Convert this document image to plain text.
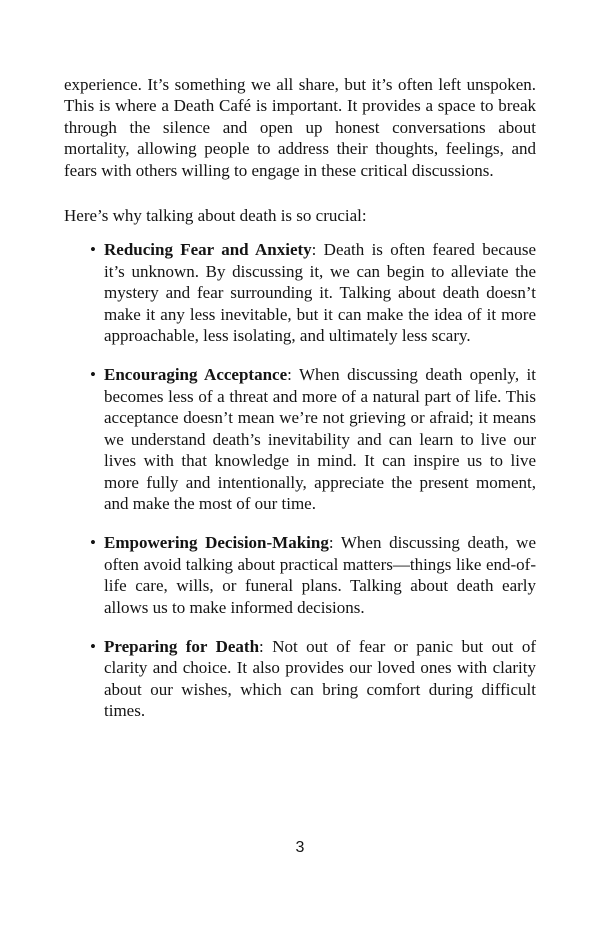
experience. It’s something we all share, but it’s often left unspoken. This is where a Death Café is important. It provides a space to break through the silence and open up honest conversations about mortality, allowing people to address their thoughts, feelings, and fears with others willing to engage in these critical discussions.

Here’s why talking about death is so crucial:

• Reducing Fear and Anxiety: Death is often feared because it’s unknown. By discussing it, we can begin to alleviate the mystery and fear surrounding it. Talking about death doesn’t make it any less inevitable, but it can make the idea of it more approachable, less isolating, and ultimately less scary.
• Encouraging Acceptance: When discussing death openly, it becomes less of a threat and more of a natural part of life. This acceptance doesn’t mean we’re not grieving or afraid; it means we understand death’s inevitability and can learn to live our lives with that knowledge in mind. It can inspire us to live more fully and intentionally, appreciate the present moment, and make the most of our time.
• Empowering Decision-Making: When discussing death, we often avoid talking about practical matters—things like end-of-life care, wills, or funeral plans. Talking about death early allows us to make informed decisions.
• Preparing for Death: Not out of fear or panic but out of clarity and choice. It also provides our loved ones with clarity about our wishes, which can bring comfort during difficult times.
3
